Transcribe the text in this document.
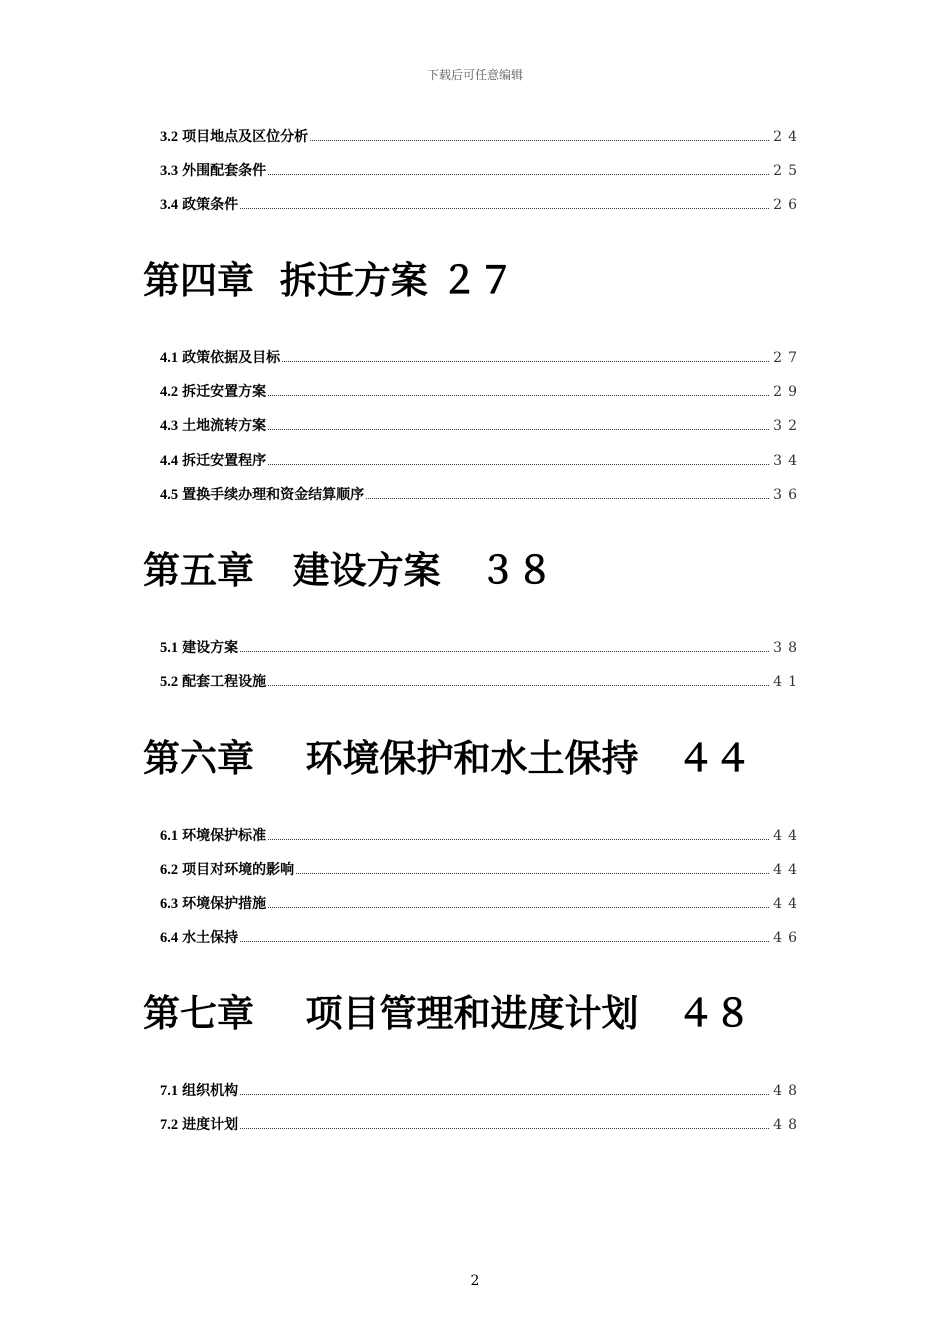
下载后可任意编辑
3.2 项目地点及区位分析	24
3.3 外围配套条件	25
3.4 政策条件	26
第四章  拆迁方案 ２７
4.1 政策依据及目标	27
4.2 拆迁安置方案	29
4.3 土地流转方案	32
4.4 拆迁安置程序	34
4.5 置换手续办理和资金结算顺序	36
第五章   建设方案   ３８
5.1 建设方案	38
5.2 配套工程设施	41
第六章    环境保护和水土保持   ４４
6.1 环境保护标准	44
6.2 项目对环境的影响	44
6.3 环境保护措施	44
6.4 水土保持	46
第七章    项目管理和进度计划   ４８
7.1 组织机构	48
7.2 进度计划	48
2
